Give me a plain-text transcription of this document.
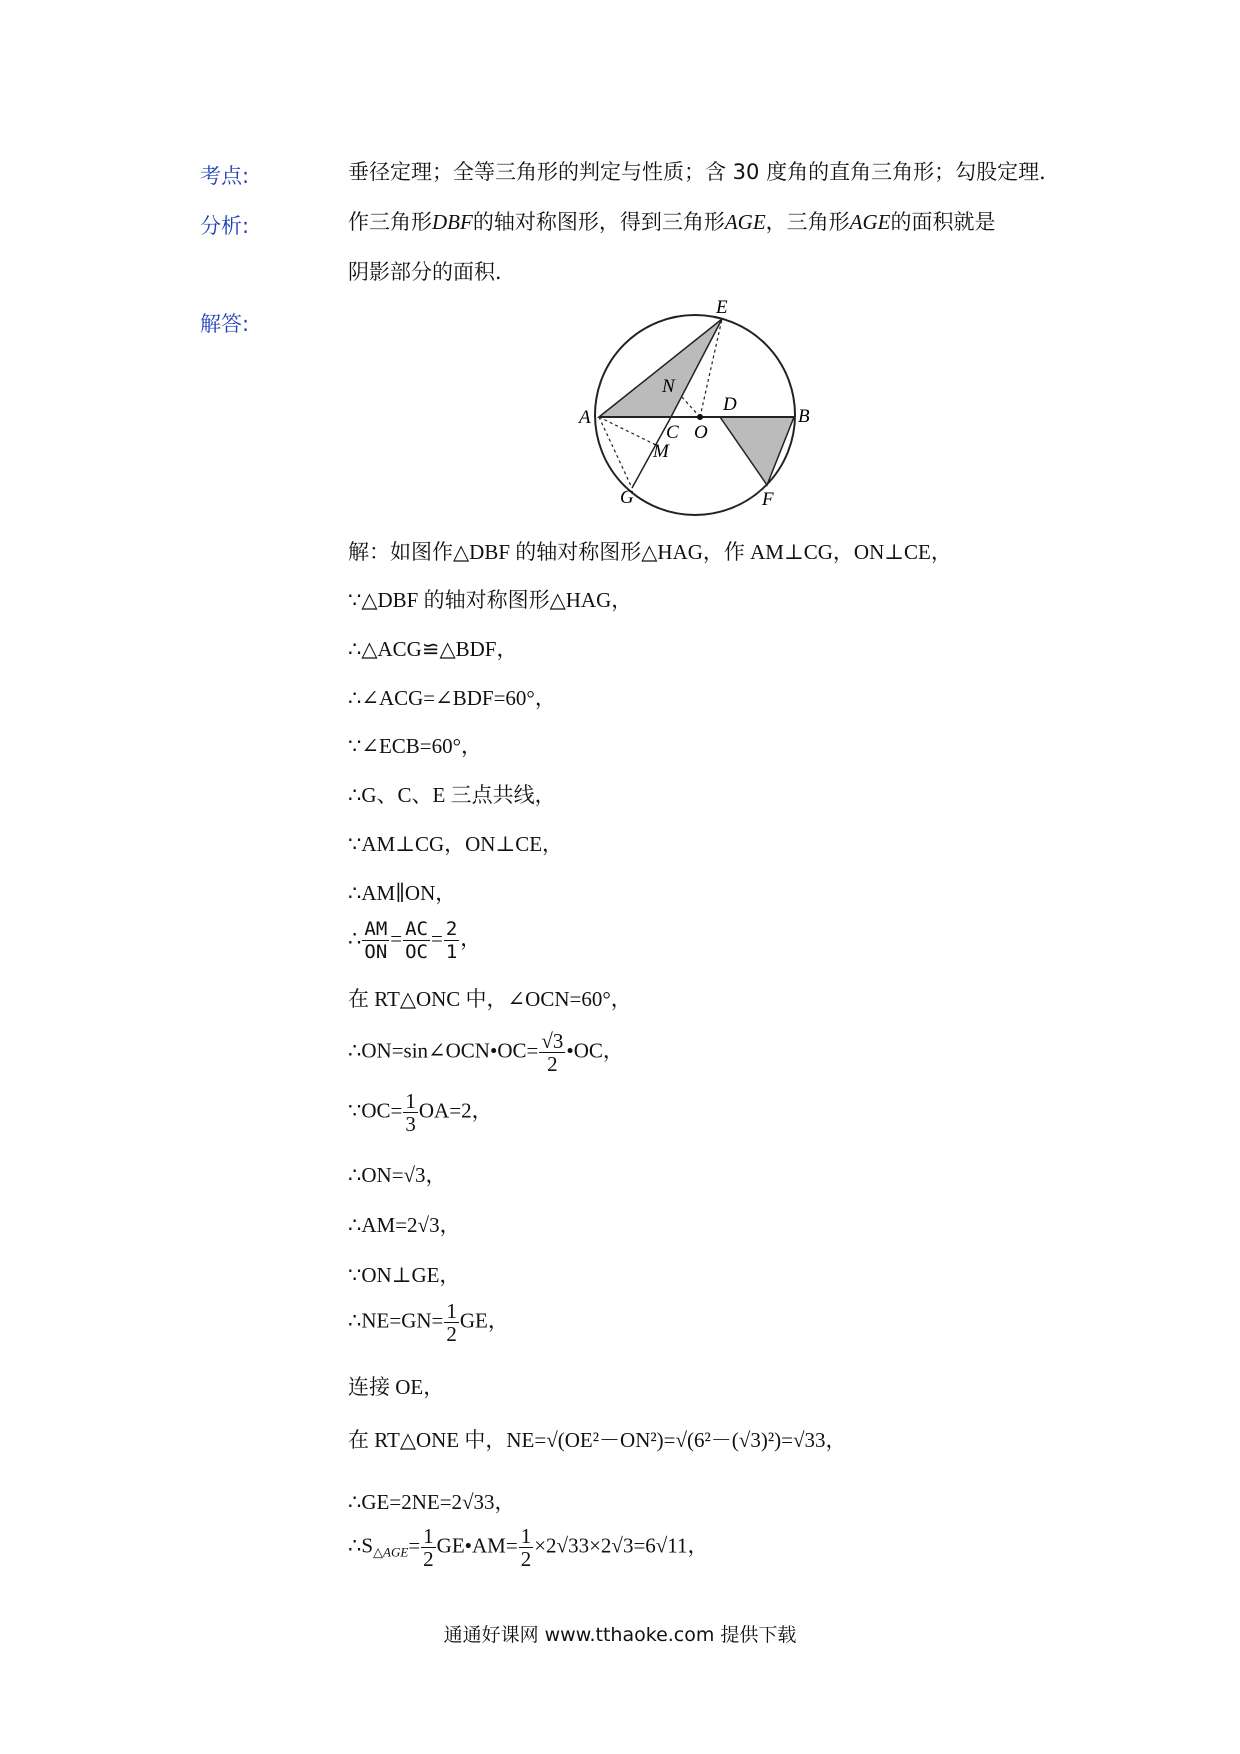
考点:
分析:
解答:
垂径定理；全等三角形的判定与性质；含 30 度角的直角三角形；勾股定理．
作三角形DBF的轴对称图形，得到三角形AGE，三角形AGE的面积就是
阴影部分的面积．
E
N
D
A
C O
B
M
G	F
解：如图作△DBF 的轴对称图形△HAG，作 AM⊥CG，ON⊥CE，
∵△DBF 的轴对称图形△HAG，
∴△ACG≌△BDF，
∴∠ACG=∠BDF=60°，
∵∠ECB=60°，
∴G、C、E 三点共线，
∵AM⊥CG，ON⊥CE，
∴AM∥ON，
∴ $\frac{AM}{ON} = \frac{AC}{OC} = \frac{2}{1}$ ，
在 RT△ONC 中，∠OCN=60°，
∴ON=sin∠OCN•OC= $\frac{√3}{2}$ •OC，
∵OC= $\frac{1}{3} OA=2$，
∴ON=√3，
∴AM=2√3，
∵ON⊥GE，
∴NE=GN= $\frac{1}{2}$ GE，
连接 OE，
在 RT△ONE 中，NE=√(OE²－ON²)=√(6²－(√3)²)=√33，
∴GE=2NE=2√33，
$\therefore S_{\triangle AGE}= \frac{1}{2}$ GE•AM= $\frac{1}{2} \times 2√33\times 2√3=6√11$，
通通好课网 www.tthaoke.com 提供下载
